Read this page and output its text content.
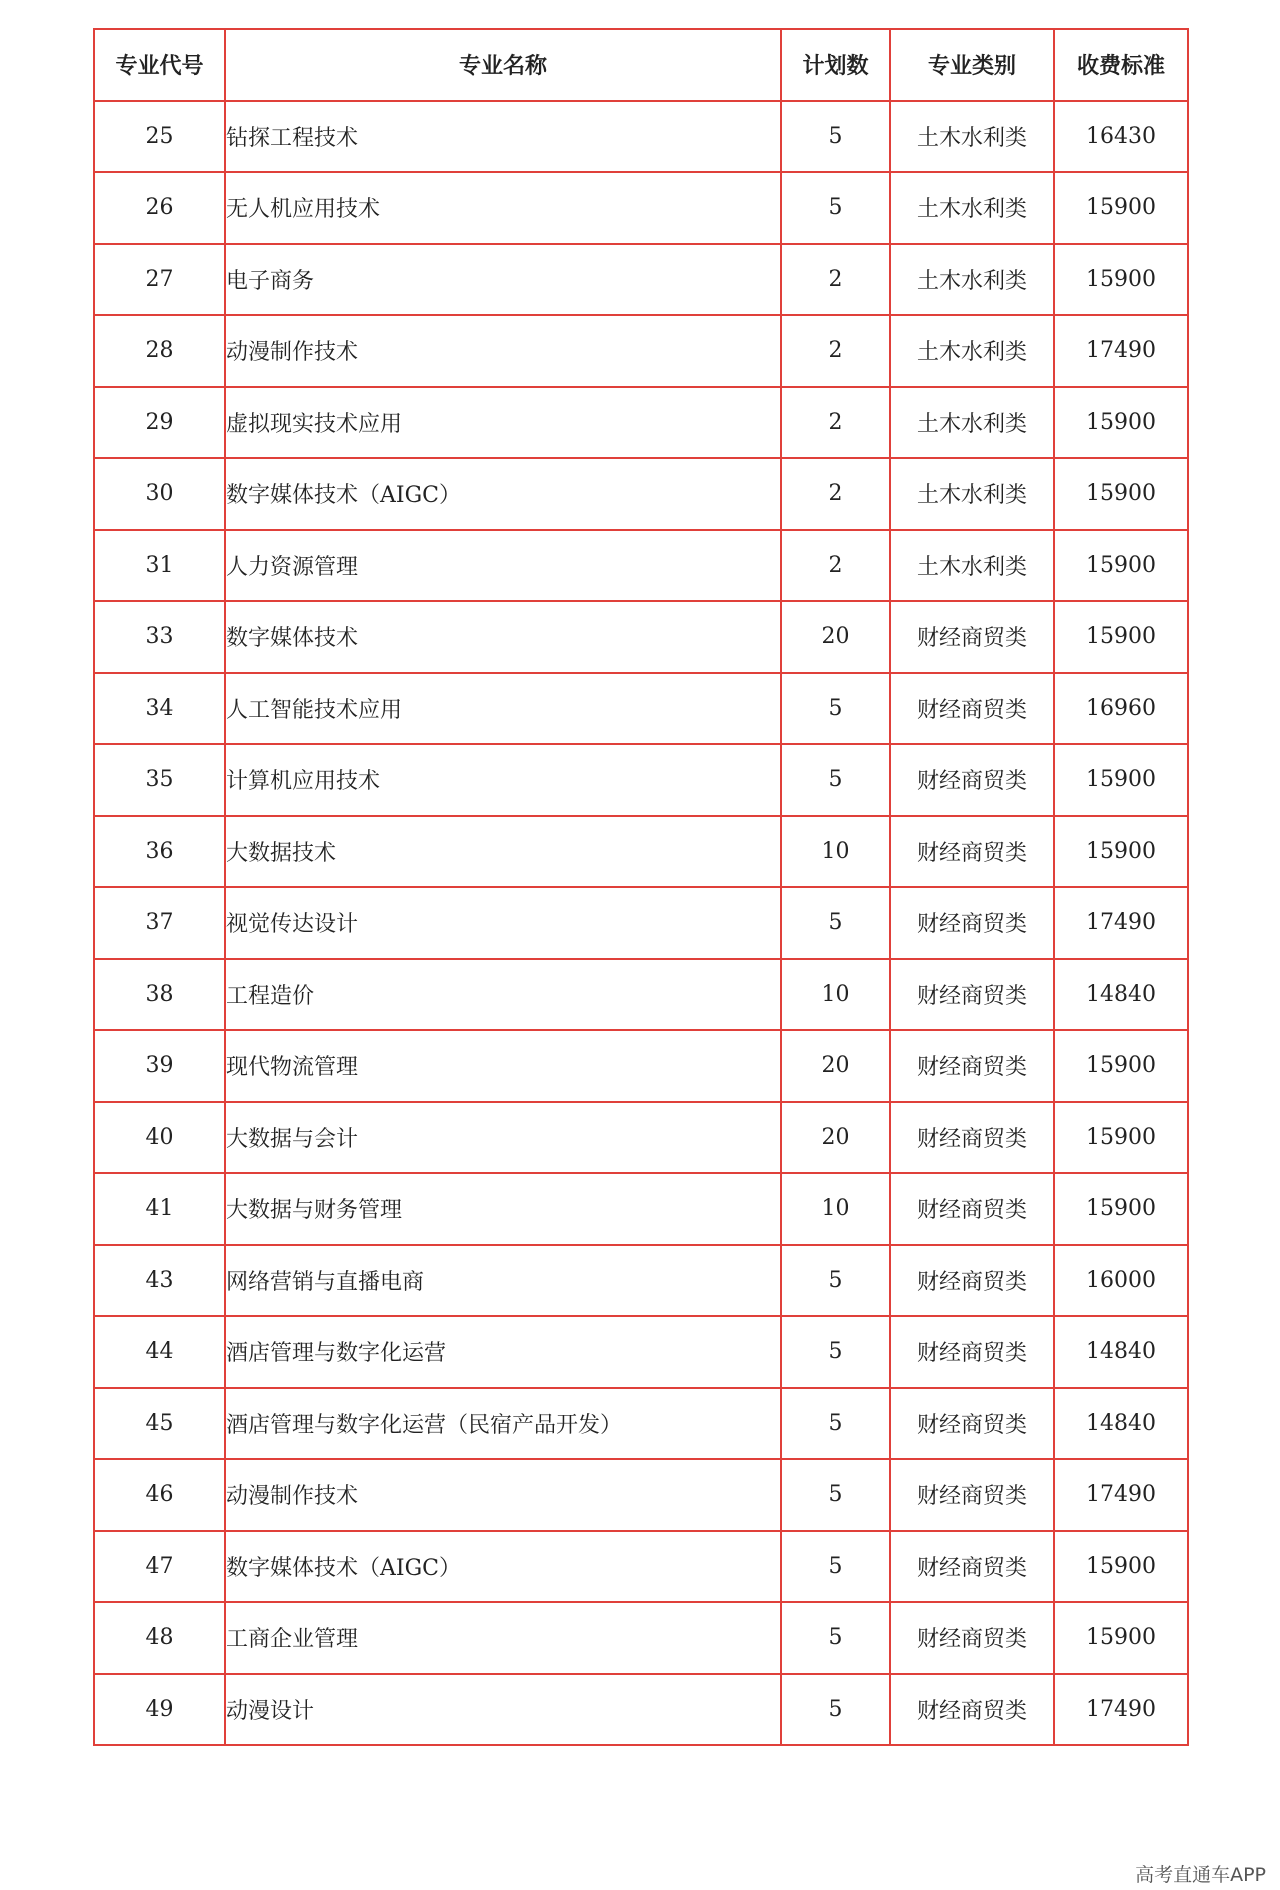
专业代号	专业名称	计划数	专业类别	收费标准
25	钻探工程技术	5	土木水利类	16430
26	无人机应用技术	5	土木水利类	15900
27	电子商务	2	土木水利类	15900
28	动漫制作技术	2	土木水利类	17490
29	虚拟现实技术应用	2	土木水利类	15900
30	数字媒体技术（AIGC）	2	土木水利类	15900
31	人力资源管理	2	土木水利类	15900
33	数字媒体技术	20	财经商贸类	15900
34	人工智能技术应用	5	财经商贸类	16960
35	计算机应用技术	5	财经商贸类	15900
36	大数据技术	10	财经商贸类	15900
37	视觉传达设计	5	财经商贸类	17490
38	工程造价	10	财经商贸类	14840
39	现代物流管理	20	财经商贸类	15900
40	大数据与会计	20	财经商贸类	15900
41	大数据与财务管理	10	财经商贸类	15900
43	网络营销与直播电商	5	财经商贸类	16000
44	酒店管理与数字化运营	5	财经商贸类	14840
45	酒店管理与数字化运营（民宿产品开发）	5	财经商贸类	14840
46	动漫制作技术	5	财经商贸类	17490
47	数字媒体技术（AIGC）	5	财经商贸类	15900
48	工商企业管理	5	财经商贸类	15900
49	动漫设计	5	财经商贸类	17490
高考直通车APP
